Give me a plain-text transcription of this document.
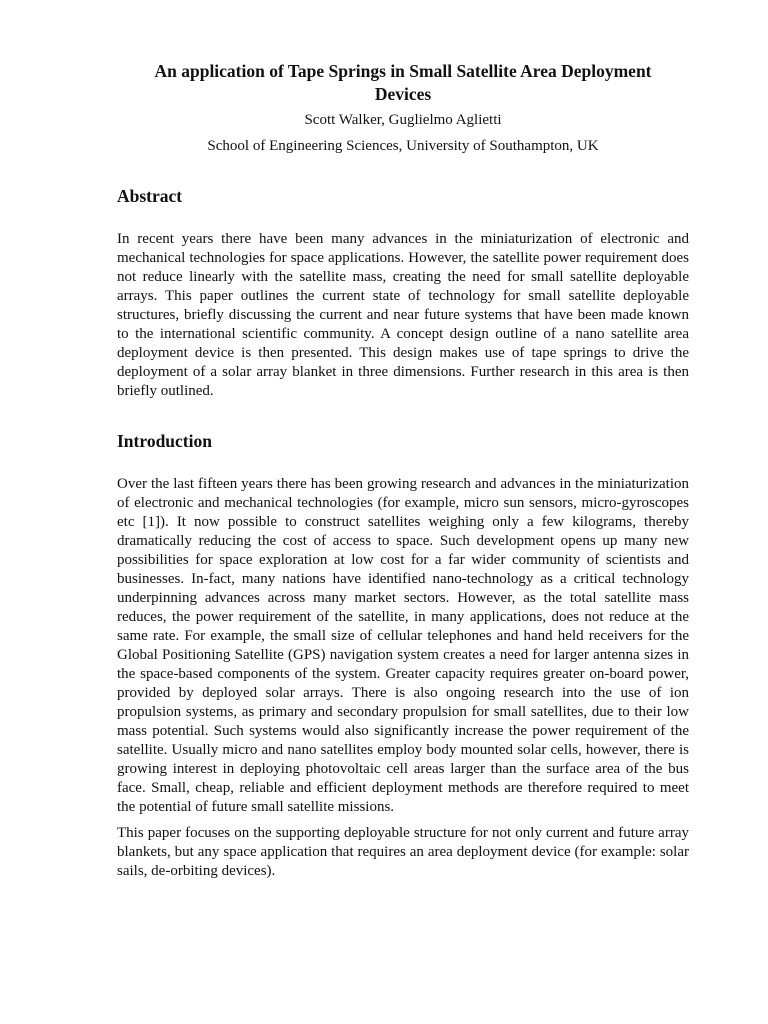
An application of Tape Springs in Small Satellite Area Deployment Devices
Scott Walker, Guglielmo Aglietti
School of Engineering Sciences, University of Southampton, UK
Abstract

In recent years there have been many advances in the miniaturization of electronic and mechanical technologies for space applications. However, the satellite power requirement does not reduce linearly with the satellite mass, creating the need for small satellite deployable arrays. This paper outlines the current state of technology for small satellite deployable structures, briefly discussing the current and near future systems that have been made known to the international scientific community. A concept design outline of a nano satellite area deployment device is then presented. This design makes use of tape springs to drive the deployment of a solar array blanket in three dimensions. Further research in this area is then briefly outlined.

Introduction

Over the last fifteen years there has been growing research and advances in the miniaturization of electronic and mechanical technologies (for example, micro sun sensors, micro-gyroscopes etc [1]). It now possible to construct satellites weighing only a few kilograms, thereby dramatically reducing the cost of access to space. Such development opens up many new possibilities for space exploration at low cost for a far wider community of scientists and businesses. In-fact, many nations have identified nano-technology as a critical technology underpinning advances across many market sectors. However, as the total satellite mass reduces, the power requirement of the satellite, in many applications, does not reduce at the same rate. For example, the small size of cellular telephones and hand held receivers for the Global Positioning Satellite (GPS) navigation system creates a need for larger antenna sizes in the space-based components of the system. Greater capacity requires greater on-board power, provided by deployed solar arrays. There is also ongoing research into the use of ion propulsion systems, as primary and secondary propulsion for small satellites, due to their low mass potential. Such systems would also significantly increase the power requirement of the satellite. Usually micro and nano satellites employ body mounted solar cells, however, there is growing interest in deploying photovoltaic cell areas larger than the surface area of the bus face. Small, cheap, reliable and efficient deployment methods are therefore required to meet the potential of future small satellite missions.

This paper focuses on the supporting deployable structure for not only current and future array blankets, but any space application that requires an area deployment device (for example: solar sails, de-orbiting devices).
